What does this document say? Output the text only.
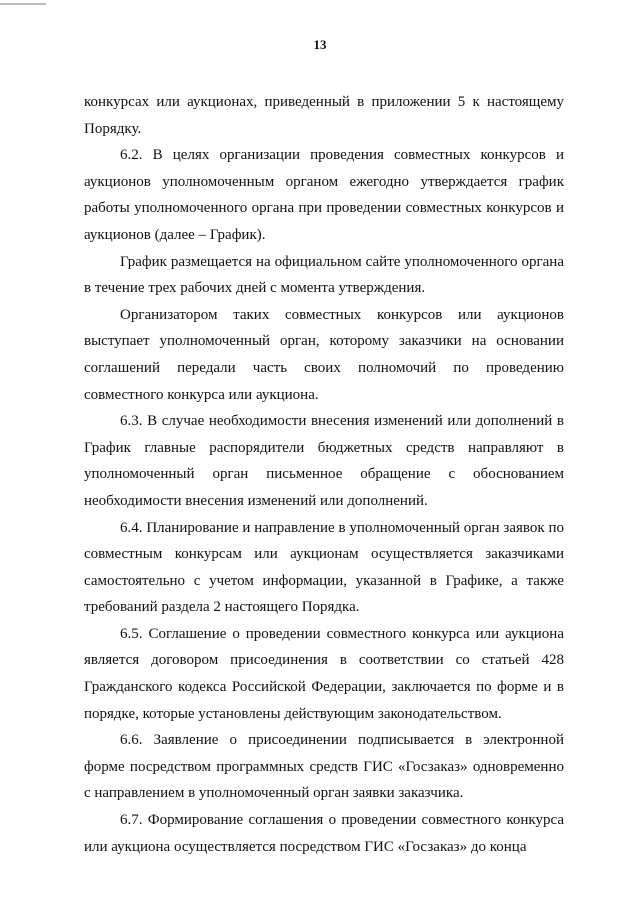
13

конкурсах или аукционах, приведенный в приложении 5 к настоящему Порядку.

6.2. В целях организации проведения совместных конкурсов и аукционов уполномоченным органом ежегодно утверждается график работы уполномоченного органа при проведении совместных конкурсов и аукционов (далее – График).

График размещается на официальном сайте уполномоченного органа в течение трех рабочих дней с момента утверждения.

Организатором таких совместных конкурсов или аукционов выступает уполномоченный орган, которому заказчики на основании соглашений передали часть своих полномочий по проведению совместного конкурса или аукциона.

6.3. В случае необходимости внесения изменений или дополнений в График главные распорядители бюджетных средств направляют в уполномоченный орган письменное обращение с обоснованием необходимости внесения изменений или дополнений.

6.4. Планирование и направление в уполномоченный орган заявок по совместным конкурсам или аукционам осуществляется заказчиками самостоятельно с учетом информации, указанной в Графике, а также требований раздела 2 настоящего Порядка.

6.5. Соглашение о проведении совместного конкурса или аукциона является договором присоединения в соответствии со статьей 428 Гражданского кодекса Российской Федерации, заключается по форме и в порядке, которые установлены действующим законодательством.

6.6. Заявление о присоединении подписывается в электронной форме посредством программных средств ГИС «Госзаказ» одновременно с направлением в уполномоченный орган заявки заказчика.

6.7. Формирование соглашения о проведении совместного конкурса или аукциона осуществляется посредством ГИС «Госзаказ» до конца
